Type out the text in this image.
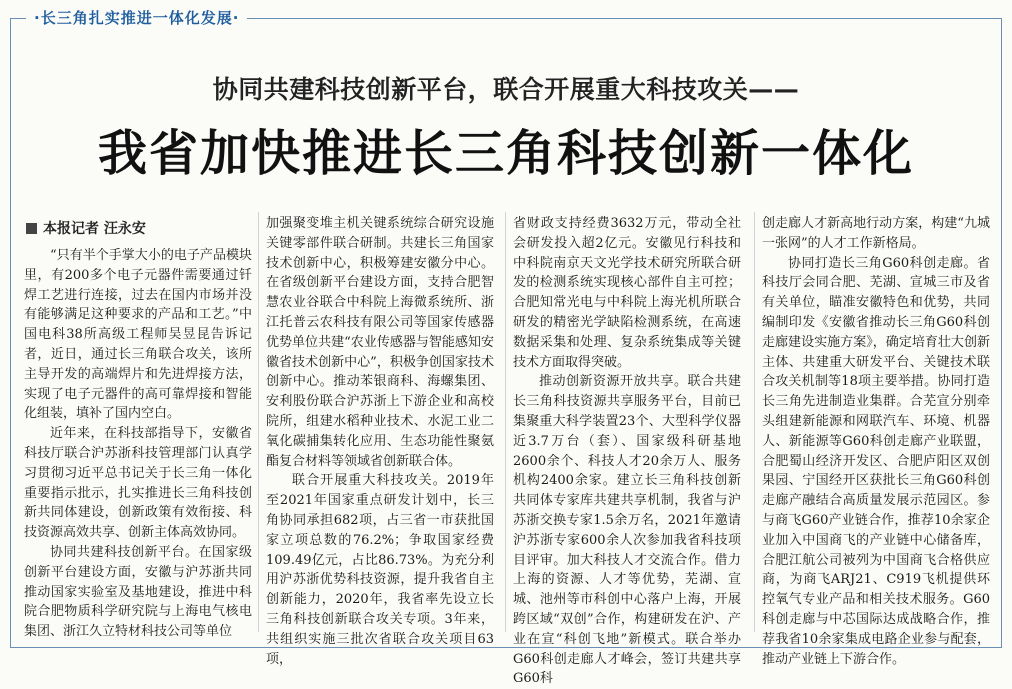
·长三角扎实推进一体化发展·
协同共建科技创新平台，联合开展重大科技攻关——
我省加快推进长三角科技创新一体化
本报记者 汪永安

“只有半个手掌大小的电子产品模块里，有200多个电子元器件需要通过钎焊工艺进行连接，过去在国内市场并没有能够满足这种要求的产品和工艺。”中国电科38所高级工程师吴昱昆告诉记者，近日，通过长三角联合攻关，该所主导开发的高端焊片和先进焊接方法，实现了电子元器件的高可靠焊接和智能化组装，填补了国内空白。

近年来，在科技部指导下，安徽省科技厅联合沪苏浙科技管理部门认真学习贯彻习近平总书记关于长三角一体化重要指示批示，扎实推进长三角科技创新共同体建设，创新政策有效衔接、科技资源高效共享、创新主体高效协同。

协同共建科技创新平台。在国家级创新平台建设方面，安徽与沪苏浙共同推动国家实验室及基地建设，推进中科院合肥物质科学研究院与上海电气核电集团、浙江久立特材科技公司等单位

加强聚变堆主机关键系统综合研究设施关键零部件联合研制。共建长三角国家技术创新中心，积极筹建安徽分中心。在省级创新平台建设方面，支持合肥智慧农业谷联合中科院上海微系统所、浙江托普云农科技有限公司等国家传感器优势单位共建“农业传感器与智能感知安徽省技术创新中心”，积极争创国家技术创新中心。推动苯银商科、海螺集团、安利股份联合沪苏浙上下游企业和高校院所，组建水稻种业技术、水泥工业二氧化碳捕集转化应用、生态功能性聚氨酯复合材料等领域省创新联合体。

联合开展重大科技攻关。2019年至2021年国家重点研发计划中，长三角协同承担682项，占三省一市获批国家立项总数的76.2%；争取国家经费109.49亿元，占比86.73%。为充分利用沪苏浙优势科技资源，提升我省自主创新能力，2020年，我省率先设立长三角科技创新联合攻关专项。3年来，共组织实施三批次省联合攻关项目63项，

省财政支持经费3632万元，带动全社会研发投入超2亿元。安徽见行科技和中科院南京天文光学技术研究所联合研发的检测系统实现核心部件自主可控；合肥知常光电与中科院上海光机所联合研发的精密光学缺陷检测系统，在高速数据采集和处理、复杂系统集成等关键技术方面取得突破。

推动创新资源开放共享。联合共建长三角科技资源共享服务平台，目前已集聚重大科学装置23个、大型科学仪器近3.7万台（套）、国家级科研基地2600余个、科技人才20余万人、服务机构2400余家。建立长三角科技创新共同体专家库共建共享机制，我省与沪苏浙交换专家1.5余万名，2021年邀请沪苏浙专家600余人次参加我省科技项目评审。加大科技人才交流合作。借力上海的资源、人才等优势，芜湖、宣城、池州等市科创中心落户上海，开展跨区域“双创”合作，构建研发在沪、产业在宣“科创飞地”新模式。联合举办G60科创走廊人才峰会，签订共建共享G60科

创走廊人才新高地行动方案，构建“九城一张网”的人才工作新格局。

协同打造长三角G60科创走廊。省科技厅会同合肥、芜湖、宣城三市及省有关单位，瞄准安徽特色和优势，共同编制印发《安徽省推动长三角G60科创走廊建设实施方案》，确定培育壮大创新主体、共建重大研发平台、关键技术联合攻关机制等18项主要举措。协同打造长三角先进制造业集群。合芜宣分别牵头组建新能源和网联汽车、环境、机器人、新能源等G60科创走廊产业联盟，合肥蜀山经济开发区、合肥庐阳区双创果园、宁国经开区获批长三角G60科创走廊产融结合高质量发展示范园区。参与商飞G60产业链合作，推荐10余家企业加入中国商飞的产业链中心储备库，合肥江航公司被列为中国商飞合格供应商，为商飞ARJ21、C919飞机提供环控氧气专业产品和相关技术服务。G60科创走廊与中芯国际达成战略合作，推荐我省10余家集成电路企业参与配套，推动产业链上下游合作。
